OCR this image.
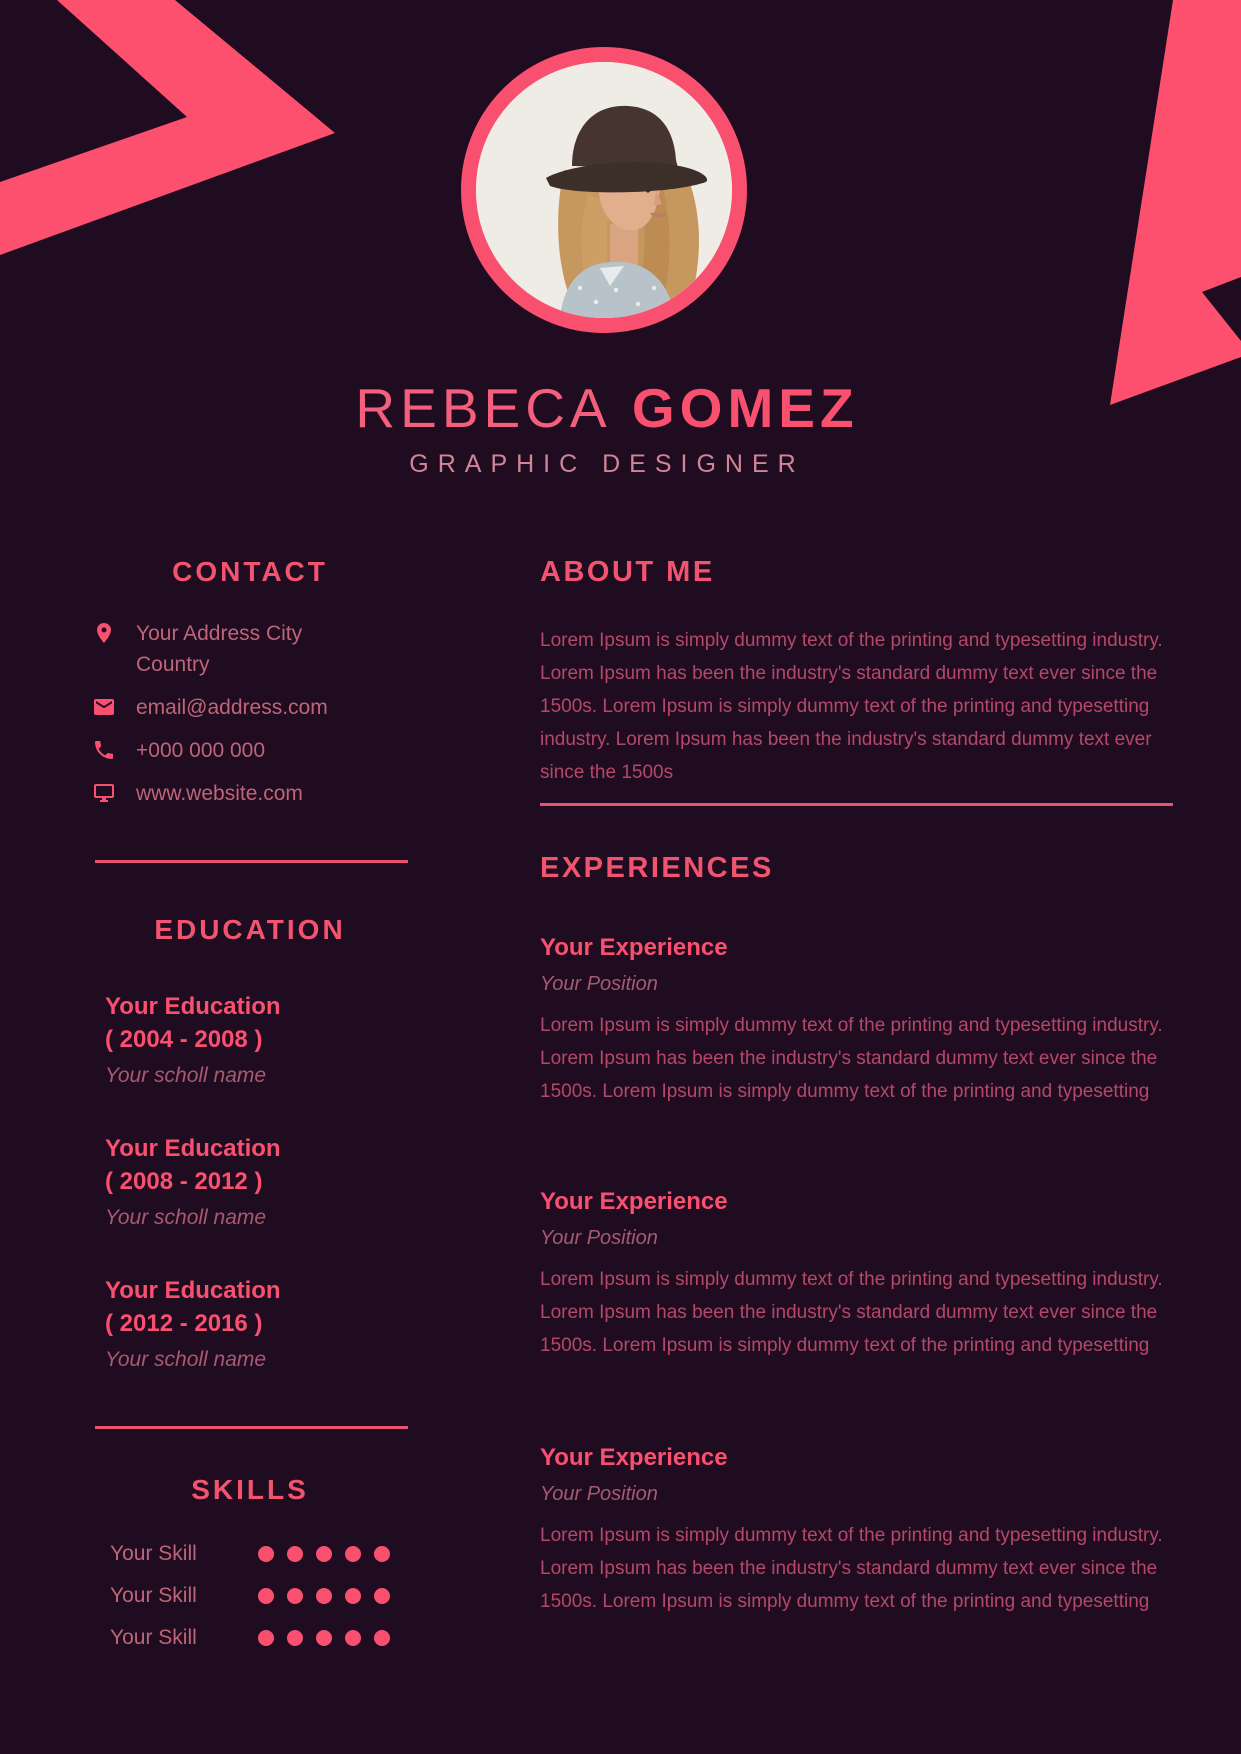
REBECA GOMEZ
GRAPHIC DESIGNER
CONTACT
Your Address City
Country
email@address.com
+000 000 000
www.website.com
EDUCATION
Your Education
( 2004 - 2008 )
Your scholl name
Your Education
( 2008 - 2012 )
Your scholl name
Your Education
( 2012 - 2016 )
Your scholl name
SKILLS
Your Skill
Your Skill
Your Skill
ABOUT ME

Lorem Ipsum is simply dummy text of the printing and typesetting industry. Lorem Ipsum has been the industry's standard dummy text ever since the 1500s. Lorem Ipsum is simply dummy text of the printing and typesetting industry. Lorem Ipsum has been the industry's standard dummy text ever since the 1500s

EXPERIENCES
Your Experience
Your Position

Lorem Ipsum is simply dummy text of the printing and typesetting industry. Lorem Ipsum has been the industry's standard dummy text ever since the 1500s. Lorem Ipsum is simply dummy text of the printing and typesetting

Your Experience
Your Position

Lorem Ipsum is simply dummy text of the printing and typesetting industry. Lorem Ipsum has been the industry's standard dummy text ever since the 1500s. Lorem Ipsum is simply dummy text of the printing and typesetting

Your Experience
Your Position

Lorem Ipsum is simply dummy text of the printing and typesetting industry. Lorem Ipsum has been the industry's standard dummy text ever since the 1500s. Lorem Ipsum is simply dummy text of the printing and typesetting
